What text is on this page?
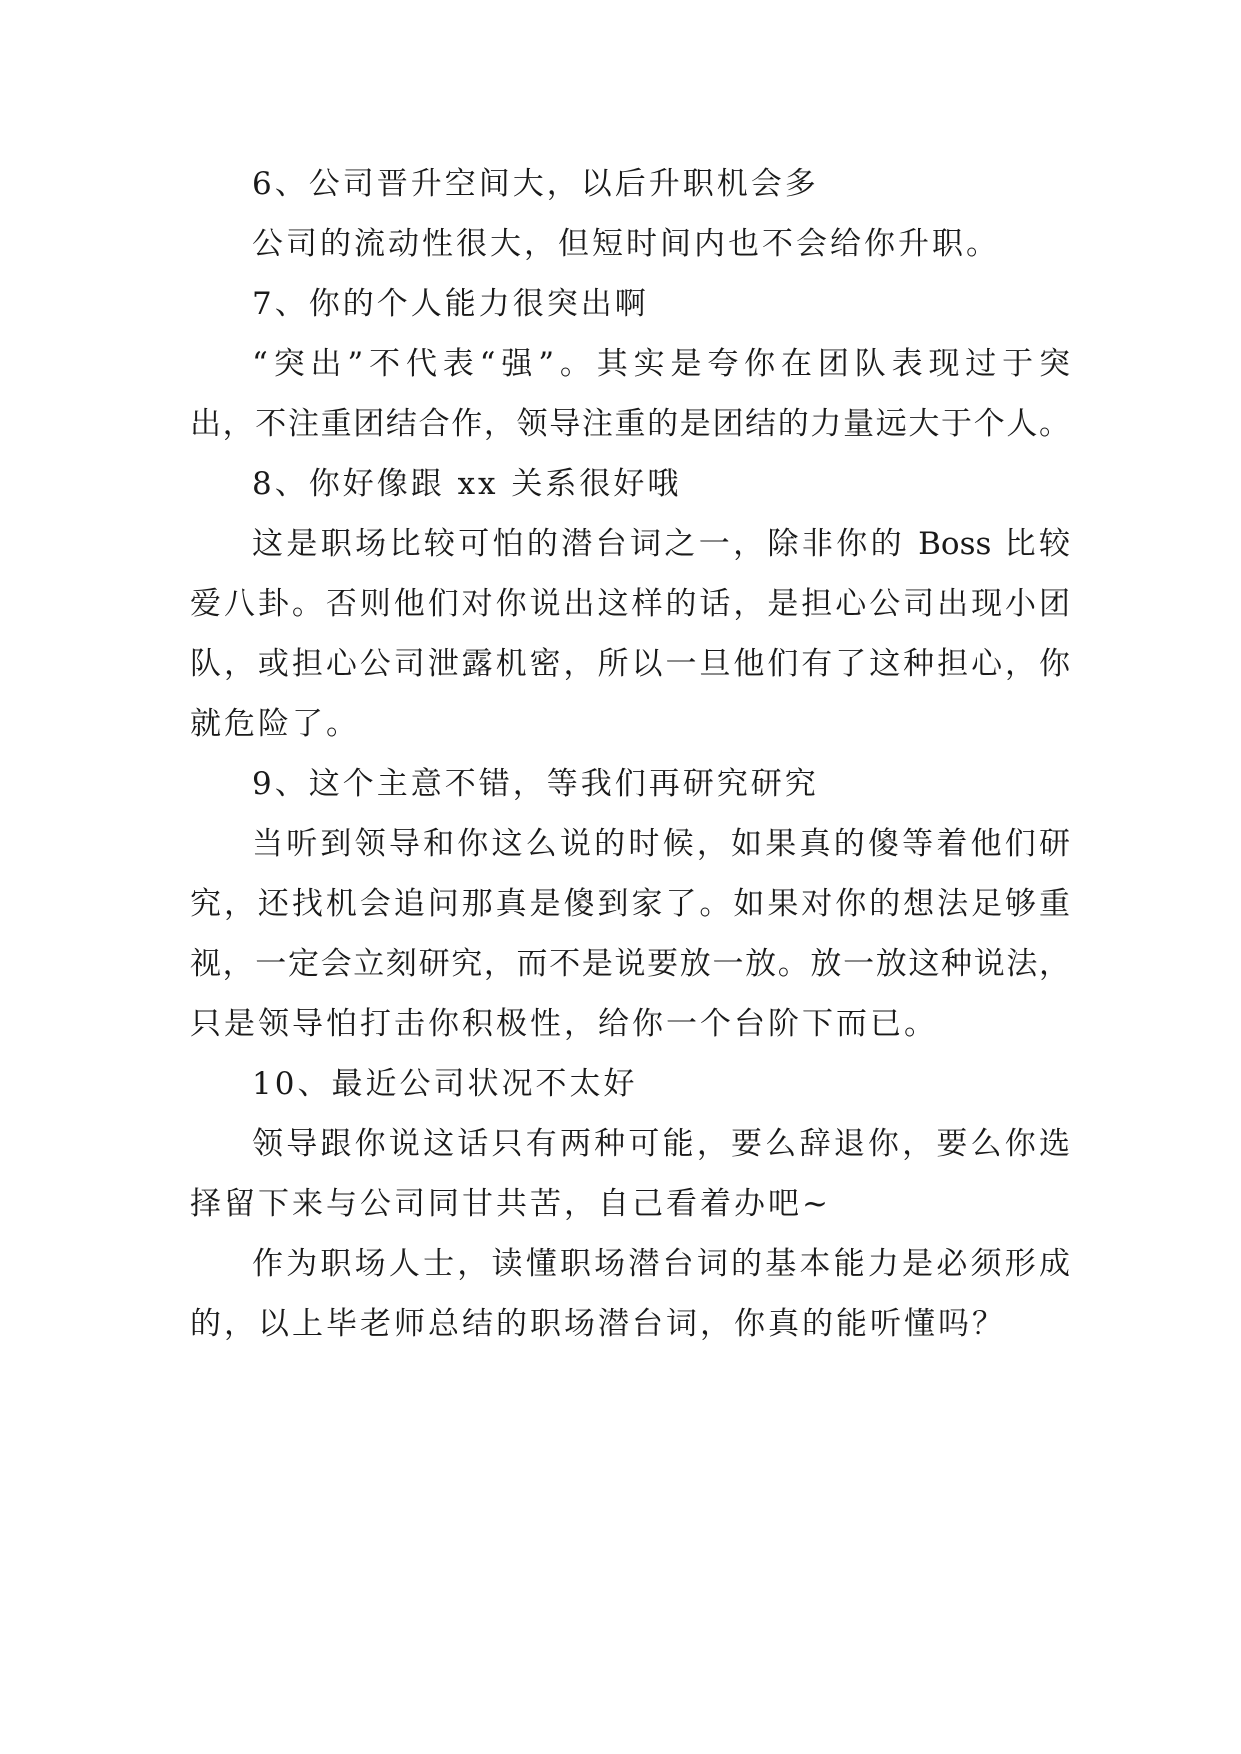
6、公司晋升空间大，以后升职机会多
公司的流动性很大，但短时间内也不会给你升职。
7、你的个人能力很突出啊
“突出”不代表“强”。其实是夸你在团队表现过于突
出，不注重团结合作，领导注重的是团结的力量远大于个人。
8、你好像跟 xx 关系很好哦
这是职场比较可怕的潜台词之一，除非你的 Boss 比较
爱八卦。否则他们对你说出这样的话，是担心公司出现小团
队，或担心公司泄露机密，所以一旦他们有了这种担心，你
就危险了。
9、这个主意不错，等我们再研究研究
当听到领导和你这么说的时候，如果真的傻等着他们研
究，还找机会追问那真是傻到家了。如果对你的想法足够重
视，一定会立刻研究，而不是说要放一放。放一放这种说法，
只是领导怕打击你积极性，给你一个台阶下而已。
10、最近公司状况不太好
领导跟你说这话只有两种可能，要么辞退你，要么你选
择留下来与公司同甘共苦，自己看着办吧~
作为职场人士，读懂职场潜台词的基本能力是必须形成
的，以上毕老师总结的职场潜台词，你真的能听懂吗？
